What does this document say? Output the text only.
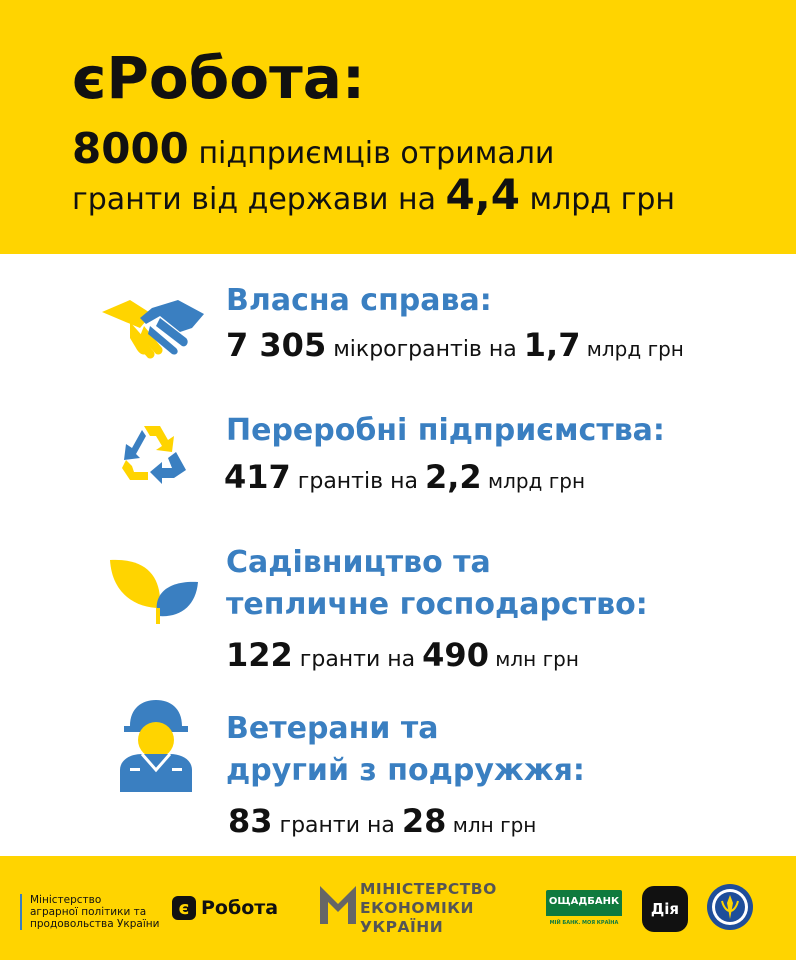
єРобота:
8000 підприємців отримали
гранти від держави на 4,4 млрд грн
Власна справа:
7 305 мікрогрантів на 1,7 млрд грн
Переробні підприємства:
417 грантів на 2,2 млрд грн
Садівництво та
тепличне господарство:
122 гранти на 490 млн грн
Ветерани та
другий з подружжя:
83 гранти на 28 млн грн
Міністерство
аграрної політики та
продовольства України
є Робота
МІНІСТЕРСТВО
ЕКОНОМІКИ
УКРАЇНИ
ОЩАДБАНК
МІЙ БАНК. МОЯ КРАЇНА
Дія
